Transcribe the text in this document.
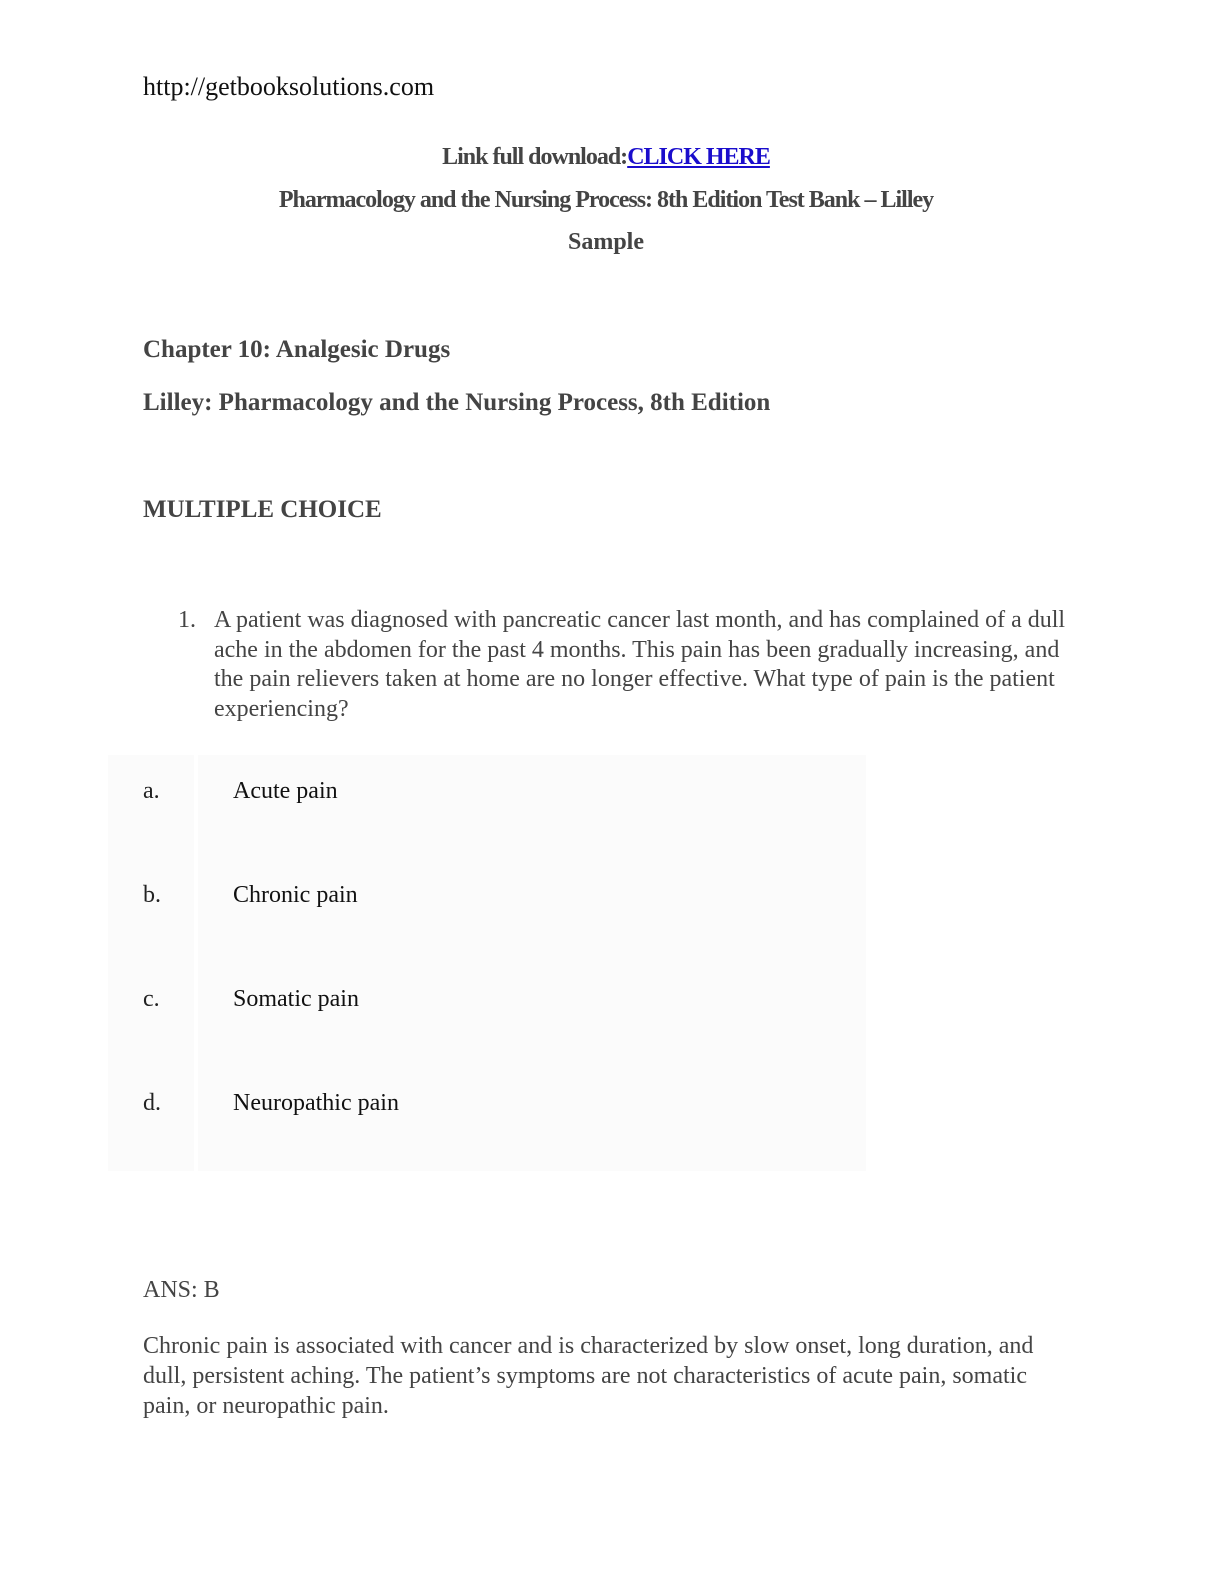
http://getbooksolutions.com
Link full download:CLICK HERE
Pharmacology and the Nursing Process: 8th Edition Test Bank – Lilley
Sample
Chapter 10: Analgesic Drugs
Lilley: Pharmacology and the Nursing Process, 8th Edition
MULTIPLE CHOICE
1. A patient was diagnosed with pancreatic cancer last month, and has complained of a dull ache in the abdomen for the past 4 months. This pain has been gradually increasing, and the pain relievers taken at home are no longer effective. What type of pain is the patient experiencing?
a.	Acute pain
b.	Chronic pain
c.	Somatic pain
d.	Neuropathic pain
ANS: B
Chronic pain is associated with cancer and is characterized by slow onset, long duration, and dull, persistent aching. The patient’s symptoms are not characteristics of acute pain, somatic pain, or neuropathic pain.
